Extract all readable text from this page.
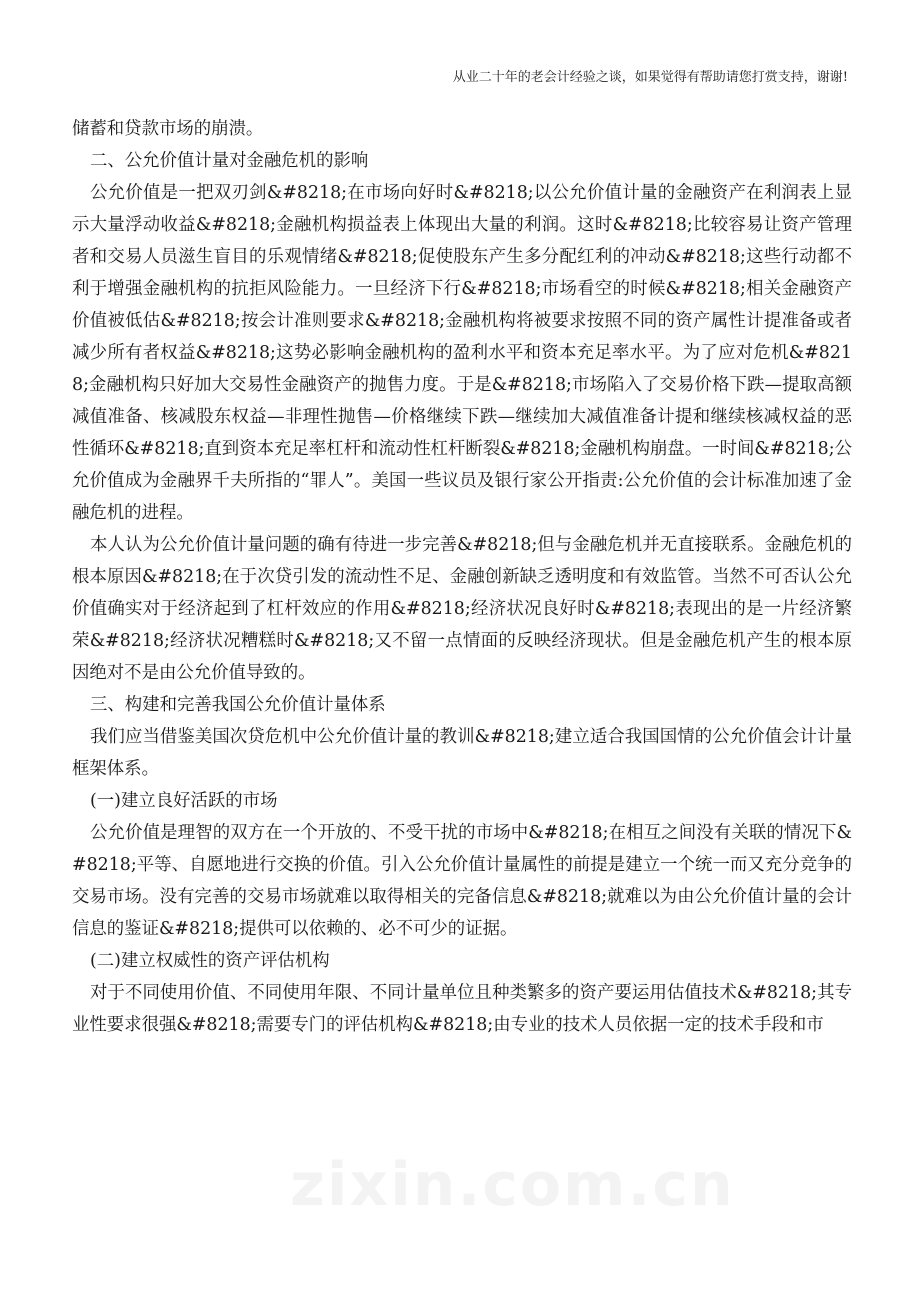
从业二十年的老会计经验之谈，如果觉得有帮助请您打赏支持，谢谢!

储蓄和贷款市场的崩溃。

二、公允价值计量对金融危机的影响

公允价值是一把双刃剑&#8218;在市场向好时&#8218;以公允价值计量的金融资产在利润表上显示大量浮动收益&#8218;金融机构损益表上体现出大量的利润。这时&#8218;比较容易让资产管理者和交易人员滋生盲目的乐观情绪&#8218;促使股东产生多分配红利的冲动&#8218;这些行动都不利于增强金融机构的抗拒风险能力。一旦经济下行&#8218;市场看空的时候&#8218;相关金融资产价值被低估&#8218;按会计准则要求&#8218;金融机构将被要求按照不同的资产属性计提准备或者减少所有者权益&#8218;这势必影响金融机构的盈利水平和资本充足率水平。为了应对危机&#8218;金融机构只好加大交易性金融资产的抛售力度。于是&#8218;市场陷入了交易价格下跌—提取高额减值准备、核减股东权益—非理性抛售—价格继续下跌—继续加大减值准备计提和继续核减权益的恶性循环&#8218;直到资本充足率杠杆和流动性杠杆断裂&#8218;金融机构崩盘。一时间&#8218;公允价值成为金融界千夫所指的“罪人”。美国一些议员及银行家公开指责:公允价值的会计标准加速了金融危机的进程。

本人认为公允价值计量问题的确有待进一步完善&#8218;但与金融危机并无直接联系。金融危机的根本原因&#8218;在于次贷引发的流动性不足、金融创新缺乏透明度和有效监管。当然不可否认公允价值确实对于经济起到了杠杆效应的作用&#8218;经济状况良好时&#8218;表现出的是一片经济繁荣&#8218;经济状况糟糕时&#8218;又不留一点情面的反映经济现状。但是金融危机产生的根本原因绝对不是由公允价值导致的。

三、构建和完善我国公允价值计量体系

我们应当借鉴美国次贷危机中公允价值计量的教训&#8218;建立适合我国国情的公允价值会计计量框架体系。

(一)建立良好活跃的市场

公允价值是理智的双方在一个开放的、不受干扰的市场中&#8218;在相互之间没有关联的情况下&#8218;平等、自愿地进行交换的价值。引入公允价值计量属性的前提是建立一个统一而又充分竞争的交易市场。没有完善的交易市场就难以取得相关的完备信息&#8218;就难以为由公允价值计量的会计信息的鉴证&#8218;提供可以依赖的、必不可少的证据。

(二)建立权威性的资产评估机构

对于不同使用价值、不同使用年限、不同计量单位且种类繁多的资产要运用估值技术&#8218;其专业性要求很强&#8218;需要专门的评估机构&#8218;由专业的技术人员依据一定的技术手段和市

zixin.com.cn
